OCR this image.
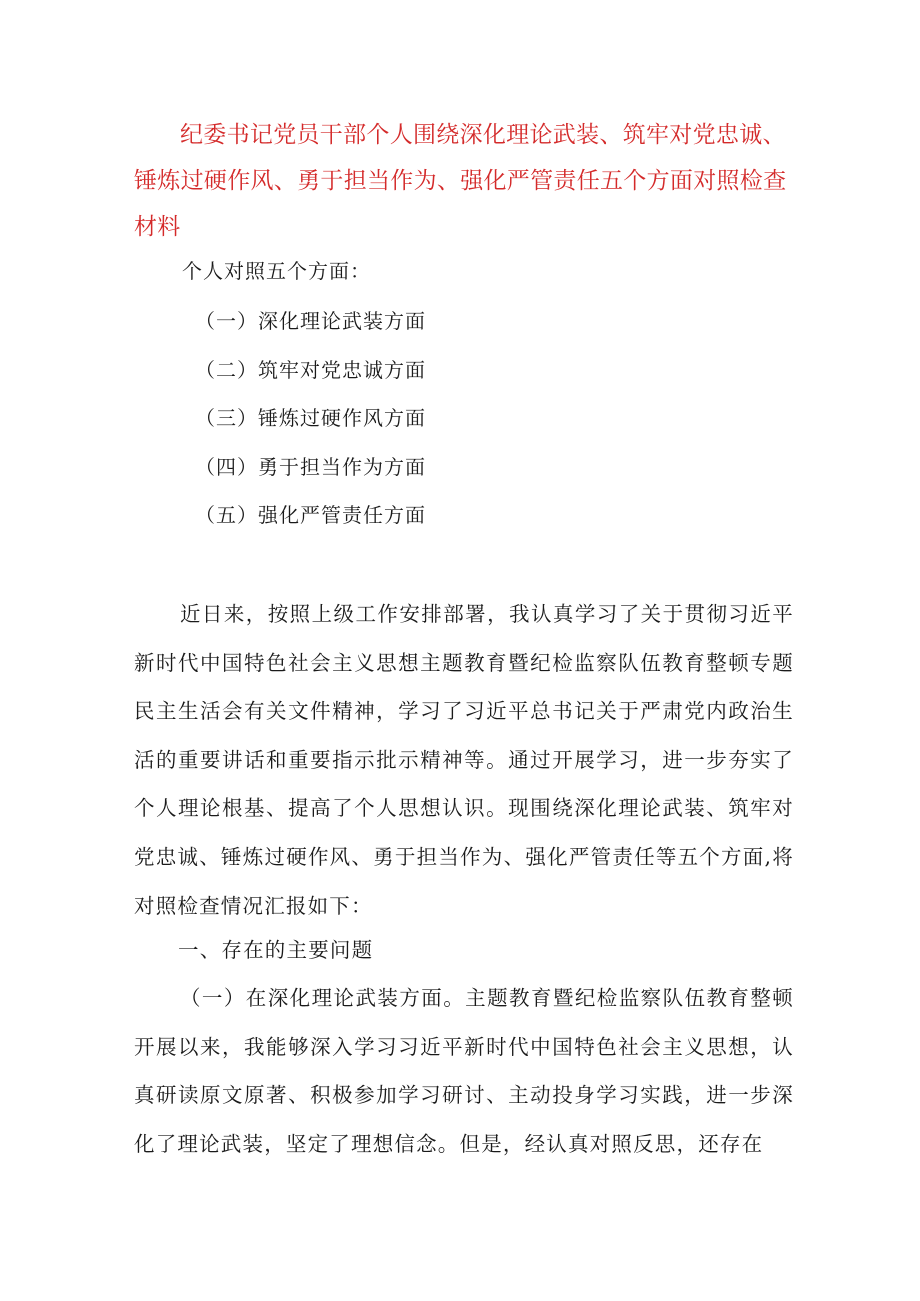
纪委书记党员干部个人围绕深化理论武装、筑牢对党忠诚、锤炼过硬作风、勇于担当作为、强化严管责任五个方面对照检查材料

个人对照五个方面：

（一）深化理论武装方面
（二）筑牢对党忠诚方面
（三）锤炼过硬作风方面
（四）勇于担当作为方面
（五）强化严管责任方面

近日来，按照上级工作安排部署，我认真学习了关于贯彻习近平新时代中国特色社会主义思想主题教育暨纪检监察队伍教育整顿专题民主生活会有关文件精神，学习了习近平总书记关于严肃党内政治生活的重要讲话和重要指示批示精神等。通过开展学习，进一步夯实了个人理论根基、提高了个人思想认识。现围绕深化理论武装、筑牢对党忠诚、锤炼过硬作风、勇于担当作为、强化严管责任等五个方面,将对照检查情况汇报如下：

一、存在的主要问题

（一）在深化理论武装方面。主题教育暨纪检监察队伍教育整顿开展以来，我能够深入学习习近平新时代中国特色社会主义思想，认真研读原文原著、积极参加学习研讨、主动投身学习实践，进一步深化了理论武装，坚定了理想信念。但是，经认真对照反思，还存在
